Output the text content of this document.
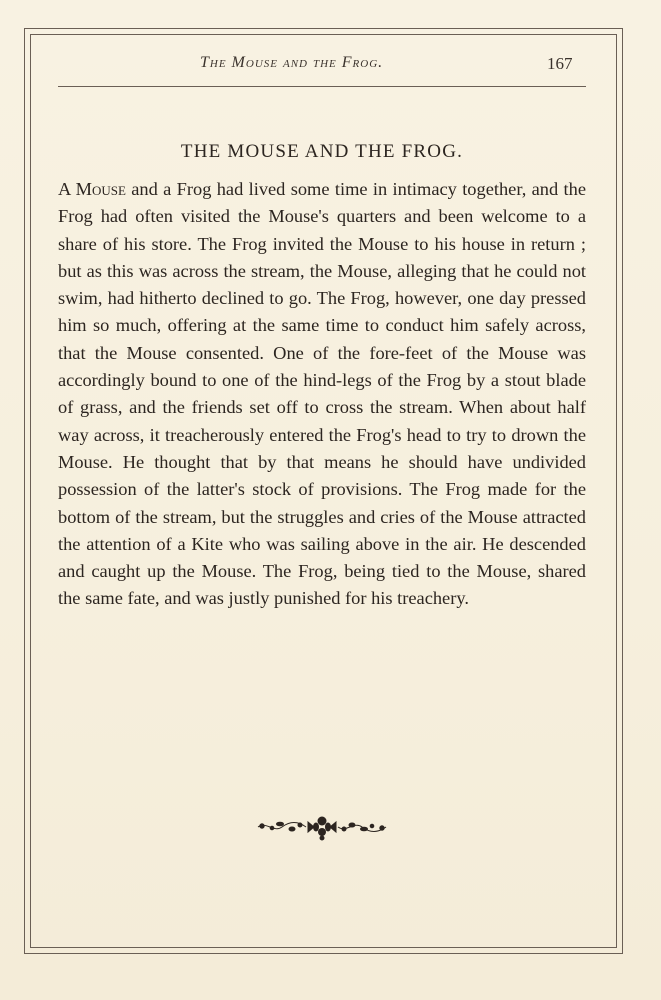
The Mouse and the Frog.	167
THE MOUSE AND THE FROG.

A Mouse and a Frog had lived some time in intimacy together, and the Frog had often visited the Mouse's quarters and been welcome to a share of his store. The Frog invited the Mouse to his house in return ; but as this was across the stream, the Mouse, alleging that he could not swim, had hitherto declined to go. The Frog, however, one day pressed him so much, offering at the same time to conduct him safely across, that the Mouse consented. One of the fore-feet of the Mouse was accordingly bound to one of the hind-legs of the Frog by a stout blade of grass, and the friends set off to cross the stream. When about half way across, it treacherously entered the Frog's head to try to drown the Mouse. He thought that by that means he should have undivided possession of the latter's stock of provisions. The Frog made for the bottom of the stream, but the struggles and cries of the Mouse attracted the attention of a Kite who was sailing above in the air. He descended and caught up the Mouse. The Frog, being tied to the Mouse, shared the same fate, and was justly punished for his treachery.
